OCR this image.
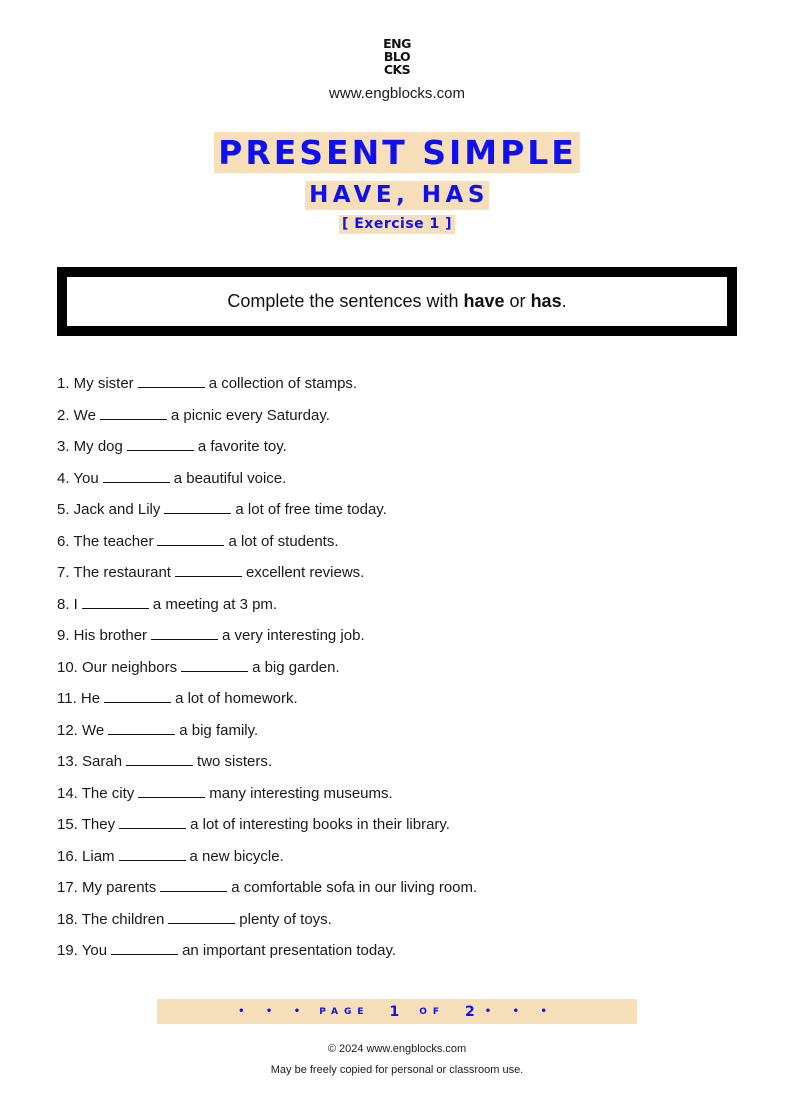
ENG
BLO
CKS
www.engblocks.com
PRESENT SIMPLE
HAVE, HAS
[ Exercise 1 ]
Complete the sentences with have or has .
1. My sister	a collection of stamps.
2. We	a picnic every Saturday.
3. My dog	a favorite toy.
4. You	a beautiful voice.
5. Jack and Lily	a lot of free time today.
6. The teacher	a lot of students.
7. The restaurant	excellent reviews.
8. I	a meeting at 3 pm.
9. His brother	a very interesting job.
10. Our neighbors	a big garden.
11. He	a lot of homework.
12. We	a big family.
13. Sarah	two sisters.
14. The city	many interesting museums.
15. They	a lot of interesting books in their library.
16. Liam	a new bicycle.
17. My parents	a comfortable sofa in our living room.
18. The children	plenty of toys.
19. You	an important presentation today.
• • • PAGE 1 OF 2 • • •
© 2024 www.engblocks.com
May be freely copied for personal or classroom use.
